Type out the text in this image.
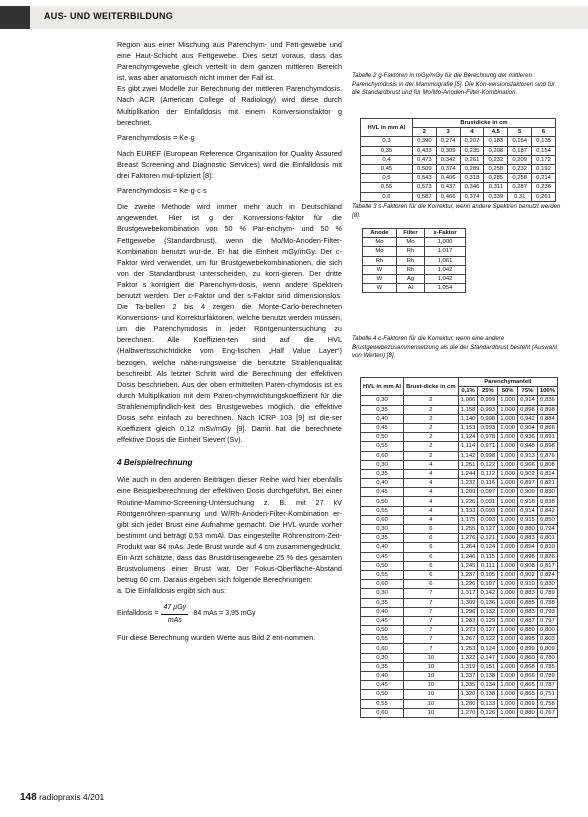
AUS- UND WEITERBILDUNG

Region aus einer Mischung aus Parenchym- und Fett-gewebe und eine Haut-Schicht aus Fettgewebe. Dies setzt voraus, dass das Parenchymgewebe gleich verteilt in dem ganzen mittleren Bereich ist, was aber anatomisch nicht immer der Fall ist.

Es gibt zwei Modelle zur Berechnung der mittleren Parenchymdosis. Nach ACR (American College of Radiology) wird diese durch Multiplikation der Einfalldosis mit einem Konversionsfaktor g berechnet.

Parenchymdosis = Ke·g

Nach EUREF (European Reference Organisation for Quality Assured Breast Screening and Diagnostic Services) wird die Einfalldosis mit drei Faktoren mul-tipliziert [8]:

Parenchymdosis = Ke·g·c·s

Die zweite Methode wird immer mehr auch in Deutschland angewendet. Hier ist g der Konversions-faktor für die Brustgewebekombination von 50 % Par-enchym- und 50 % Fettgewebe (Standardbrust), wenn die Mo/Mo-Anoden-Filter-Kombination benutzt wur-de. Er hat die Einheit mGy/mGy. Der c-Faktor wird verwendet, um für Brustgewebekombinationen, die sich von der Standardbrust unterscheiden, zu korri-gieren. Der dritte Faktor s korrigiert die Parenchym-dosis, wenn andere Spektren benutzt werden. Der c-Faktor und der s-Faktor sind dimensionslos. Die Ta-bellen 2 bis 4 zeigen die Monte-Carlo-berechneten Konversions- und Korrekturfaktoren, welche benutzt werden müssen, um die Parenchymdosis in jeder Röntgenuntersuchung zu berechnen. Alle Koeffizien-ten sind auf die HVL (Halbwertsschichtdicke vom Eng-lischen „Half Value Layer“) bezogen, welche nähe-rungsweise die benutzte Strahlenqualität beschreibt. Als letzter Schritt wird die Berechnung der effektiven Dosis beschrieben. Aus der oben ermittelten Paren-chymdosis ist es durch Multiplikation mit dem Paren-chymwichtungskoeffizient für die Strahlenempfindlich-keit des Brustgewebes möglich, die effektive Dosis sehr einfach zu berechnen. Nach ICRP 103 [9] ist die-ser Koeffizient gleich 0,12 mSv/mGy [9]. Damit hat die berechnete effektive Dosis die Einheit Sievert (Sv).

4 Beispielrechnung

Wie auch in den anderen Beiträgen dieser Reihe wird hier ebenfalls eine Beispielberechnung der effektiven Dosis durchgeführt. Bei einer Routine-Mammo-Screening-Untersuchung z. B. mit 27 kV Röntgenröhren-spannung und W/Rh-Anoden-Filter-Kombination er-gibt sich jeder Brust eine Aufnahme gemacht. Die HVL wurde vorher bestimmt und beträgt 0,53 mmAl. Das eingestellte Röhrenstrom-Zeit-Produkt war 84 mAs. Jede Brust wurde auf 4 cm zusammengedrückt. Ein Arzt schätzte, dass das Brustdrüsengewebe 25 % des gesamten Brustvolumens einer Brust war. Der Fokus-Oberfläche-Abstand betrug 60 cm. Daraus ergeben sich folgende Berechnungen:

a. Die Einfalldosis ergibt sich aus:

Einfalldosis = $\frac{\text{47 µGy}}{\text{mAs}} \cdot 84$ mAs = 3,95 mGy

Für diese Berechnung wurden Werte aus Bild 2 ent-nommen.

Tabelle 2 g-Faktoren in mGy/mGy für die Berechnung der mittleren Parenchymdosis in der Mammografie [5]. Die Kon-versionsfaktoren sind für die Standardbrust und für Mo/Mo-Anoden-Filter-Kombination.

HVL in mm Al	Brustdicke in cm					
	2	3	4	4,5	5	6
0,3	0,390	0,274	0,207	0,183	0,164	0,135
0,35	0,433	0,309	0,235	0,208	0,187	0,154
0,4	0,473	0,342	0,261	0,232	0,209	0,172
0,45	0,509	0,374	0,289	0,258	0,232	0,192
0,5	0,543	0,406	0,318	0,285	0,258	0,214
0,55	0,573	0,437	0,346	0,311	0,287	0,236
0,6	0,587	0,466	0,374	0,339	0,31	0,261

Tabelle 3 s-Faktoren für die Korrektur, wenn andere Spektren benutzt werden [8].

Anode	Filter	s-Faktor
Mo	Mo	1,000
Mo	Rh	1,017
Rh	Rh	1,061
W	Rh	1,042
W	Ag	1,042
W	Al	1,054

Tabelle 4 c-Faktoren für die Korrektur, wenn eine andere Brustgewebezusammensetzung als die der Standardbrust besteht (Auswahl von Werten) [8].

HVL in mm Al	Brust-dicke in cm	Parenchymanteil				
		0,1%	25%	50%	75%	100%
0,30	2	1,006	0,999	1,000	0,914	0,836
0,35	2	1,158	0,993	1,000	0,898	0,898
0,40	2	1,140	0,998	1,000	0,942	0,884
0,45	2	1,153	0,993	1,000	0,904	0,866
0,50	2	1,124	0,978	1,000	0,936	0,891
0,55	2	1,114	0,971	1,000	0,948	0,898
0,60	2	1,142	0,998	1,000	0,913	0,876
0,30	4	1,251	0,122	1,000	0,966	0,808
0,35	4	1,244	0,112	1,000	0,902	0,814
0,40	4	1,232	0,116	1,000	0,897	0,821
0,45	4	1,209	0,097	1,000	0,909	0,830
0,50	4	1,226	0,091	1,000	0,918	0,838
0,55	4	1,193	0,093	1,000	0,914	0,842
0,60	4	1,175	0,093	1,000	0,915	0,850
0,30	6	1,255	0,127	1,000	0,880	0,794
0,35	6	1,276	0,121	1,000	0,883	0,801
0,40	6	1,264	0,124	1,000	0,894	0,810
0,45	6	1,246	0,115	1,000	0,898	0,826
0,50	6	1,245	0,111	1,000	0,908	0,817
0,55	6	1,237	0,105	1,000	0,902	0,824
0,60	6	1,226	0,107	1,000	0,910	0,830
0,30	7	1,317	0,142	1,000	0,883	0,789
0,35	7	1,309	0,136	1,000	0,885	0,788
0,40	7	1,296	0,132	1,000	0,883	0,793
0,45	7	1,283	0,129	1,000	0,887	0,797
0,50	7	1,273	0,127	1,000	0,880	0,800
0,55	7	1,267	0,122	1,000	0,895	0,803
0,60	7	1,253	0,124	1,000	0,899	0,809
0,30	10	1,322	0,147	1,000	0,860	0,780
0,35	10	1,319	0,151	1,000	0,868	0,785
0,40	10	1,337	0,138	1,000	0,866	0,789
0,45	10	1,335	0,134	1,000	0,865	0,787
0,50	10	1,320	0,138	1,000	0,865	0,751
0,55	10	1,280	0,133	1,000	0,869	0,758
0,60	10	1,270	0,126	1,000	0,880	0,767
148 radiopraxis 4/201
